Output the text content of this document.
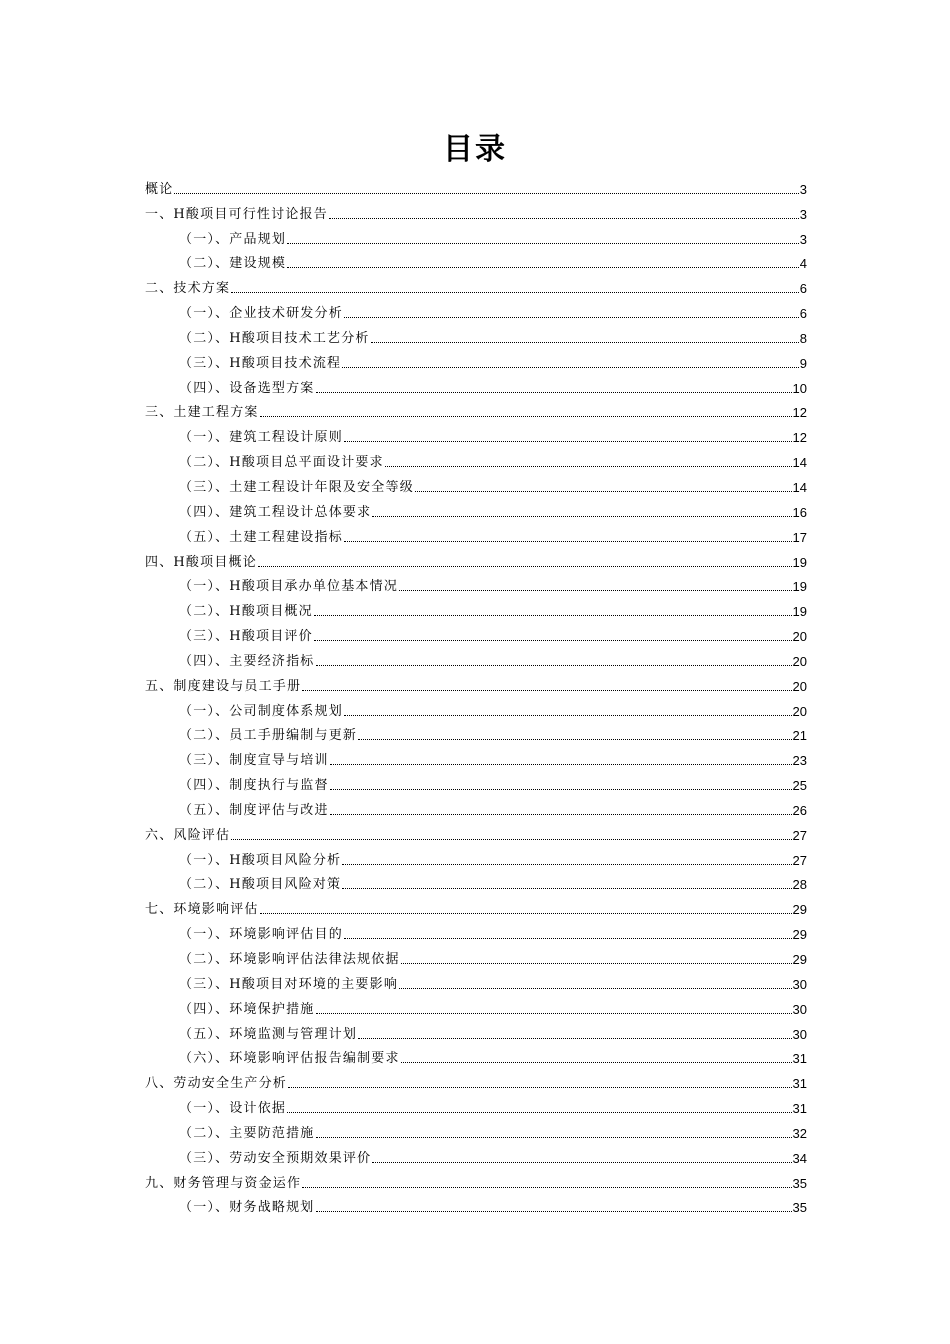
目录
概论	3
一、H酸项目可行性讨论报告	3
（一）、产品规划	3
（二）、建设规模	4
二、技术方案	6
（一）、企业技术研发分析	6
（二）、H酸项目技术工艺分析	8
（三）、H酸项目技术流程	9
（四）、设备选型方案	10
三、土建工程方案	12
（一）、建筑工程设计原则	12
（二）、H酸项目总平面设计要求	14
（三）、土建工程设计年限及安全等级	14
（四）、建筑工程设计总体要求	16
（五）、土建工程建设指标	17
四、H酸项目概论	19
（一）、H酸项目承办单位基本情况	19
（二）、H酸项目概况	19
（三）、H酸项目评价	20
（四）、主要经济指标	20
五、制度建设与员工手册	20
（一）、公司制度体系规划	20
（二）、员工手册编制与更新	21
（三）、制度宣导与培训	23
（四）、制度执行与监督	25
（五）、制度评估与改进	26
六、风险评估	27
（一）、H酸项目风险分析	27
（二）、H酸项目风险对策	28
七、环境影响评估	29
（一）、环境影响评估目的	29
（二）、环境影响评估法律法规依据	29
（三）、H酸项目对环境的主要影响	30
（四）、环境保护措施	30
（五）、环境监测与管理计划	30
（六）、环境影响评估报告编制要求	31
八、劳动安全生产分析	31
（一）、设计依据	31
（二）、主要防范措施	32
（三）、劳动安全预期效果评价	34
九、财务管理与资金运作	35
（一）、财务战略规划	35
